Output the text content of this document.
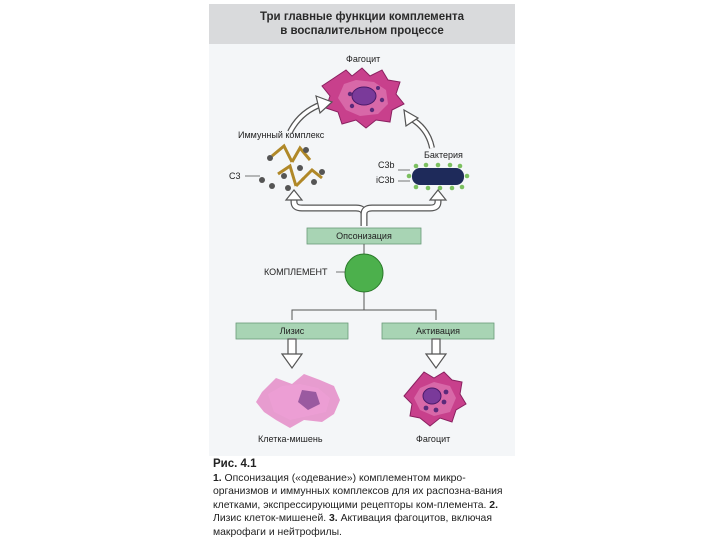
Три главные функции комплемента
в воспалительном процессе
Фагоцит
Иммунный комплекс
C3
Бактерия
C3b
iC3b
Опсонизация
КОМПЛЕМЕНТ
Лизис	Активация
Клетка-мишень	Фагоцит
Рис. 4.1
1. Опсонизация («одевание») комплементом микро-организмов и иммунных комплексов для их распозна-вания клетками, экспрессирующими рецепторы ком-племента. 2. Лизис клеток-мишеней. 3. Активация фагоцитов, включая макрофаги и нейтрофилы.
